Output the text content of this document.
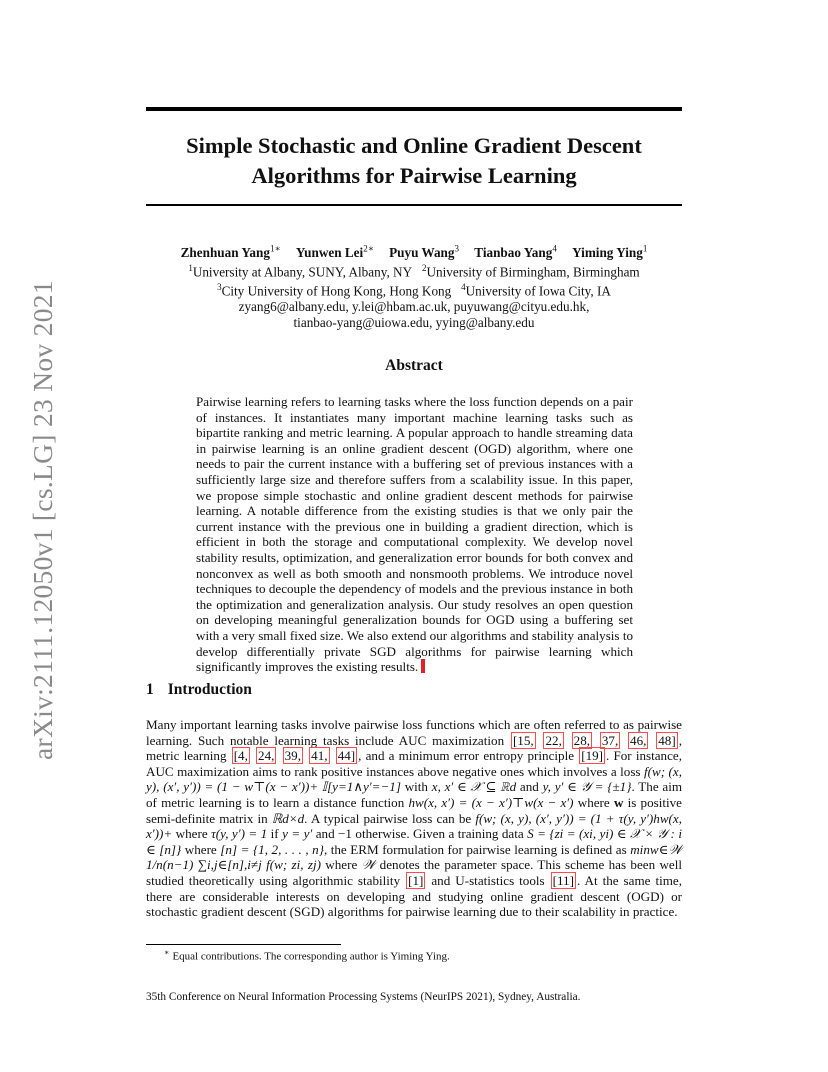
arXiv:2111.12050v1 [cs.LG] 23 Nov 2021
Simple Stochastic and Online Gradient Descent
Algorithms for Pairwise Learning
Zhenhuan Yang$^{1∗}$ Yunwen Lei$^{2∗}$ Puyu Wang$^3$ Tianbao Yang$^4$ Yiming Ying$^1$
$^1$University at Albany, SUNY, Albany, NY $^2$University of Birmingham, Birmingham
$^3$City University of Hong Kong, Hong Kong $^4$University of Iowa City, IA
zyang6@albany.edu, y.lei@hbam.ac.uk, puyuwang@cityu.edu.hk,
tianbao-yang@uiowa.edu, yying@albany.edu
Abstract
Pairwise learning refers to learning tasks where the loss function depends on a pair of instances. It instantiates many important machine learning tasks such as bipartite ranking and metric learning. A popular approach to handle streaming data in pairwise learning is an online gradient descent (OGD) algorithm, where one needs to pair the current instance with a buffering set of previous instances with a sufficiently large size and therefore suffers from a scalability issue. In this paper, we propose simple stochastic and online gradient descent methods for pairwise learning. A notable difference from the existing studies is that we only pair the current instance with the previous one in building a gradient direction, which is efficient in both the storage and computational complexity. We develop novel stability results, optimization, and generalization error bounds for both convex and nonconvex as well as both smooth and nonsmooth problems. We introduce novel techniques to decouple the dependency of models and the previous instance in both the optimization and generalization analysis. Our study resolves an open question on developing meaningful generalization bounds for OGD using a buffering set with a very small fixed size. We also extend our algorithms and stability analysis to develop differentially private SGD algorithms for pairwise learning which significantly improves the existing results.
1 Introduction
Many important learning tasks involve pairwise loss functions which are often referred to as pairwise learning. Such notable learning tasks include AUC maximization [15, 22, 28, 37, 46, 48] , metric learning [4, 24, 39, 41, 44] , and a minimum error entropy principle [19] . For instance, AUC maximization aims to rank positive instances above negative ones which involves a loss f(w; (x, y), (x′, y′)) = (1 − w⊤(x − x′))+ 𝕀[y=1∧y′=−1] with x, x′ ∈ 𝒳 ⊆ ℝd and y, y′ ∈ 𝒴 = {±1}. The aim of metric learning is to learn a distance function hw(x, x′) = (x − x′)⊤w(x − x′) where w is positive semi-definite matrix in ℝd×d. A typical pairwise loss can be f(w; (x, y), (x′, y′)) = (1 + τ(y, y′)hw(x, x′))+ where τ(y, y′) = 1 if y = y′ and −1 otherwise. Given a training data S = {zi = (xi, yi) ∈ 𝒳 × 𝒴 : i ∈ [n]} where [n] = {1, 2, . . . , n}, the ERM formulation for pairwise learning is defined as minw∈𝒲 1/n(n−1) ∑i,j∈[n],i≠j f(w; zi, zj) where 𝒲 denotes the parameter space. This scheme has been well studied theoretically using algorithmic stability [1] and U-statistics tools [11] . At the same time, there are considerable interests on developing and studying online gradient descent (OGD) or stochastic gradient descent (SGD) algorithms for pairwise learning due to their scalability in practice.
∗ Equal contributions. The corresponding author is Yiming Ying.
35th Conference on Neural Information Processing Systems (NeurIPS 2021), Sydney, Australia.
